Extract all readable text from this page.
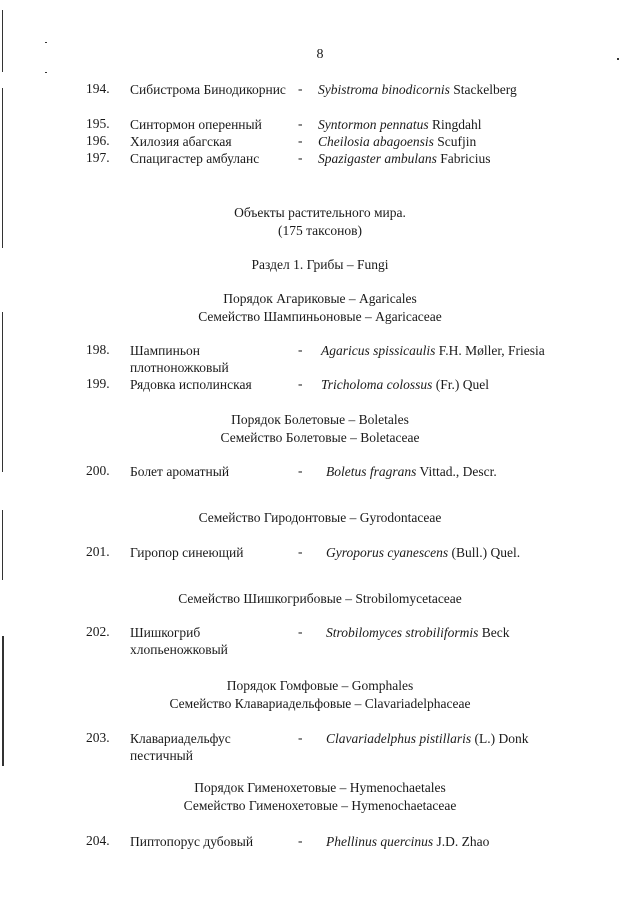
8
194.	Сибистрома Бинодикорнис - Sybistroma binodicornis Stackelberg
195.	Синтормон оперенный	- Syntormon pennatus Ringdahl
196.	Хилозия абагская	- Cheilosia abagoensis Scufjin
197.	Спацигастер амбуланс	- Spazigaster ambulans Fabricius
Объекты растительного мира.
(175 таксонов)
Раздел 1. Грибы – Fungi
Порядок Агариковые – Agaricales
Семейство Шампиньоновые – Agaricaceae
198.	Шампиньон плотноножковый
- Agaricus spissicaulis F.H. Møller, Friesia
199.	Рядовка исполинская	- Tricholoma colossus (Fr.) Quel
Порядок Болетовые – Boletales
Семейство Болетовые – Boletaceae
200.	Болет ароматный	- Boletus fragrans Vittad., Descr.
Семейство Гиродонтовые – Gyrodontaceae
201.	Гиропор синеющий	- Gyroporus cyanescens (Bull.) Quel.
Семейство Шишкогрибовые – Strobilomycetaceae
202.	Шишкогриб хлопьеножковый
- Strobilomyces strobiliformis Beck
Порядок Гомфовые – Gomphales
Семейство Клавариадельфовые – Clavariadelphaceae
203.	Клавариадельфус пестичный
- Clavariadelphus pistillaris (L.) Donk
Порядок Гименохетовые – Hymenochaetales
Семейство Гименохетовые – Hymenochaetaceae
204.	Пиптопорус дубовый	- Phellinus quercinus J.D. Zhao
